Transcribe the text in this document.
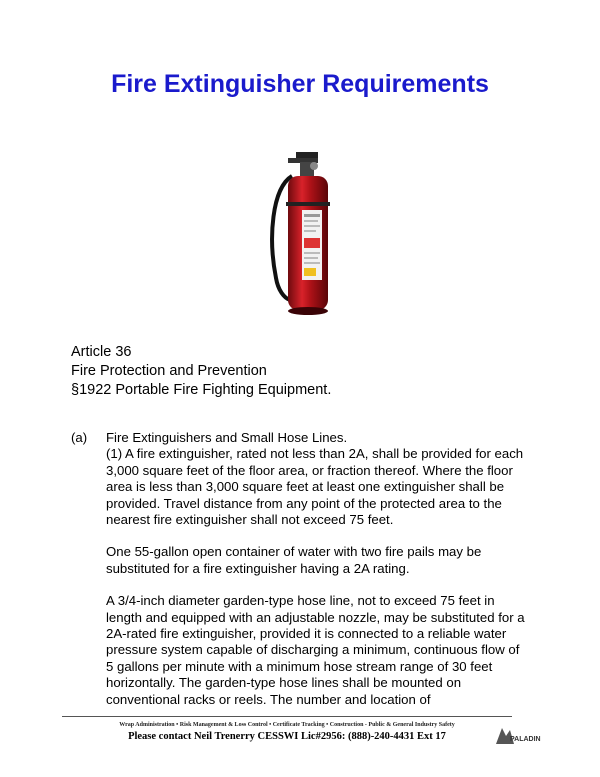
Fire Extinguisher Requirements
Article 36
Fire Protection and Prevention
§1922 Portable Fire Fighting Equipment.
(a) Fire Extinguishers and Small Hose Lines.

(1) A fire extinguisher, rated not less than 2A, shall be provided for each 3,000 square feet of the floor area, or fraction thereof. Where the floor area is less than 3,000 square feet at least one extinguisher shall be provided. Travel distance from any point of the protected area to the nearest fire extinguisher shall not exceed 75 feet.

One 55-gallon open container of water with two fire pails may be substituted for a fire extinguisher having a 2A rating.

A 3/4-inch diameter garden-type hose line, not to exceed 75 feet in length and equipped with an adjustable nozzle, may be substituted for a 2A-rated fire extinguisher, provided it is connected to a reliable water pressure system capable of discharging a minimum, continuous flow of 5 gallons per minute with a minimum hose stream range of 30 feet horizontally. The garden-type hose lines shall be mounted on conventional racks or reels. The number and location of

Wrap Administration • Risk Management & Loss Control • Certificate Tracking • Construction - Public & General Industry Safety
Please contact Neil Trenerry CESSWI Lic#2956: (888)-240-4431 Ext 17	PALADIN
